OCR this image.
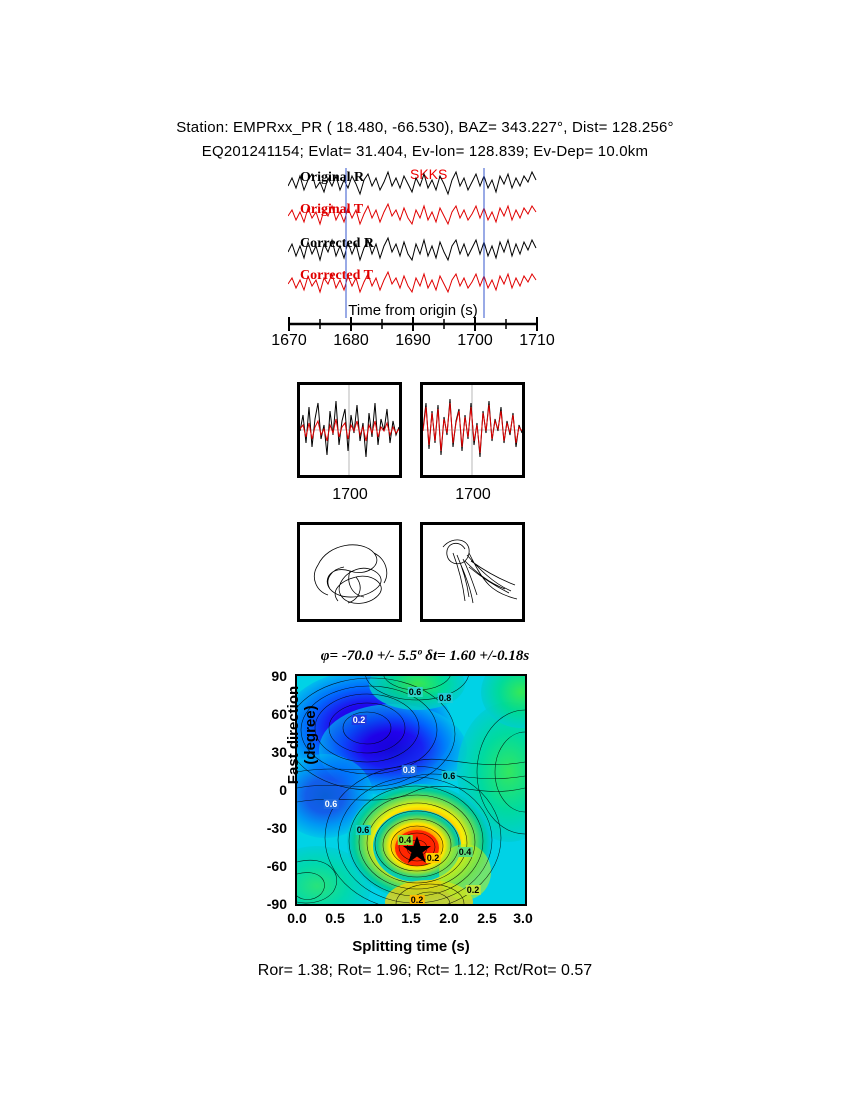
Station: EMPRxx_PR ( 18.480, -66.530), BAZ= 343.227°, Dist= 128.256°
EQ201241154; Evlat= 31.404, Ev-lon= 128.839; Ev-Dep= 10.0km
SKKS
Original R
Original T
Corrected R
Corrected T
Time from origin (s)
1670 1680 1690 1700 1710
1700	1700
φ= -70.0 +/- 5.5º δt= 1.60 +/-0.18s
90
60
30
0
-30
-60
-90
0.6
0.8
0.2
0.8
0.6
0.6
0.6
0.4
0.2
0.4
0.2
0.2
Fast direction (degree)
0.0 0.5 1.0 1.5 2.0 2.5 3.0
Splitting time (s)
Ror= 1.38; Rot= 1.96; Rct= 1.12; Rct/Rot= 0.57
